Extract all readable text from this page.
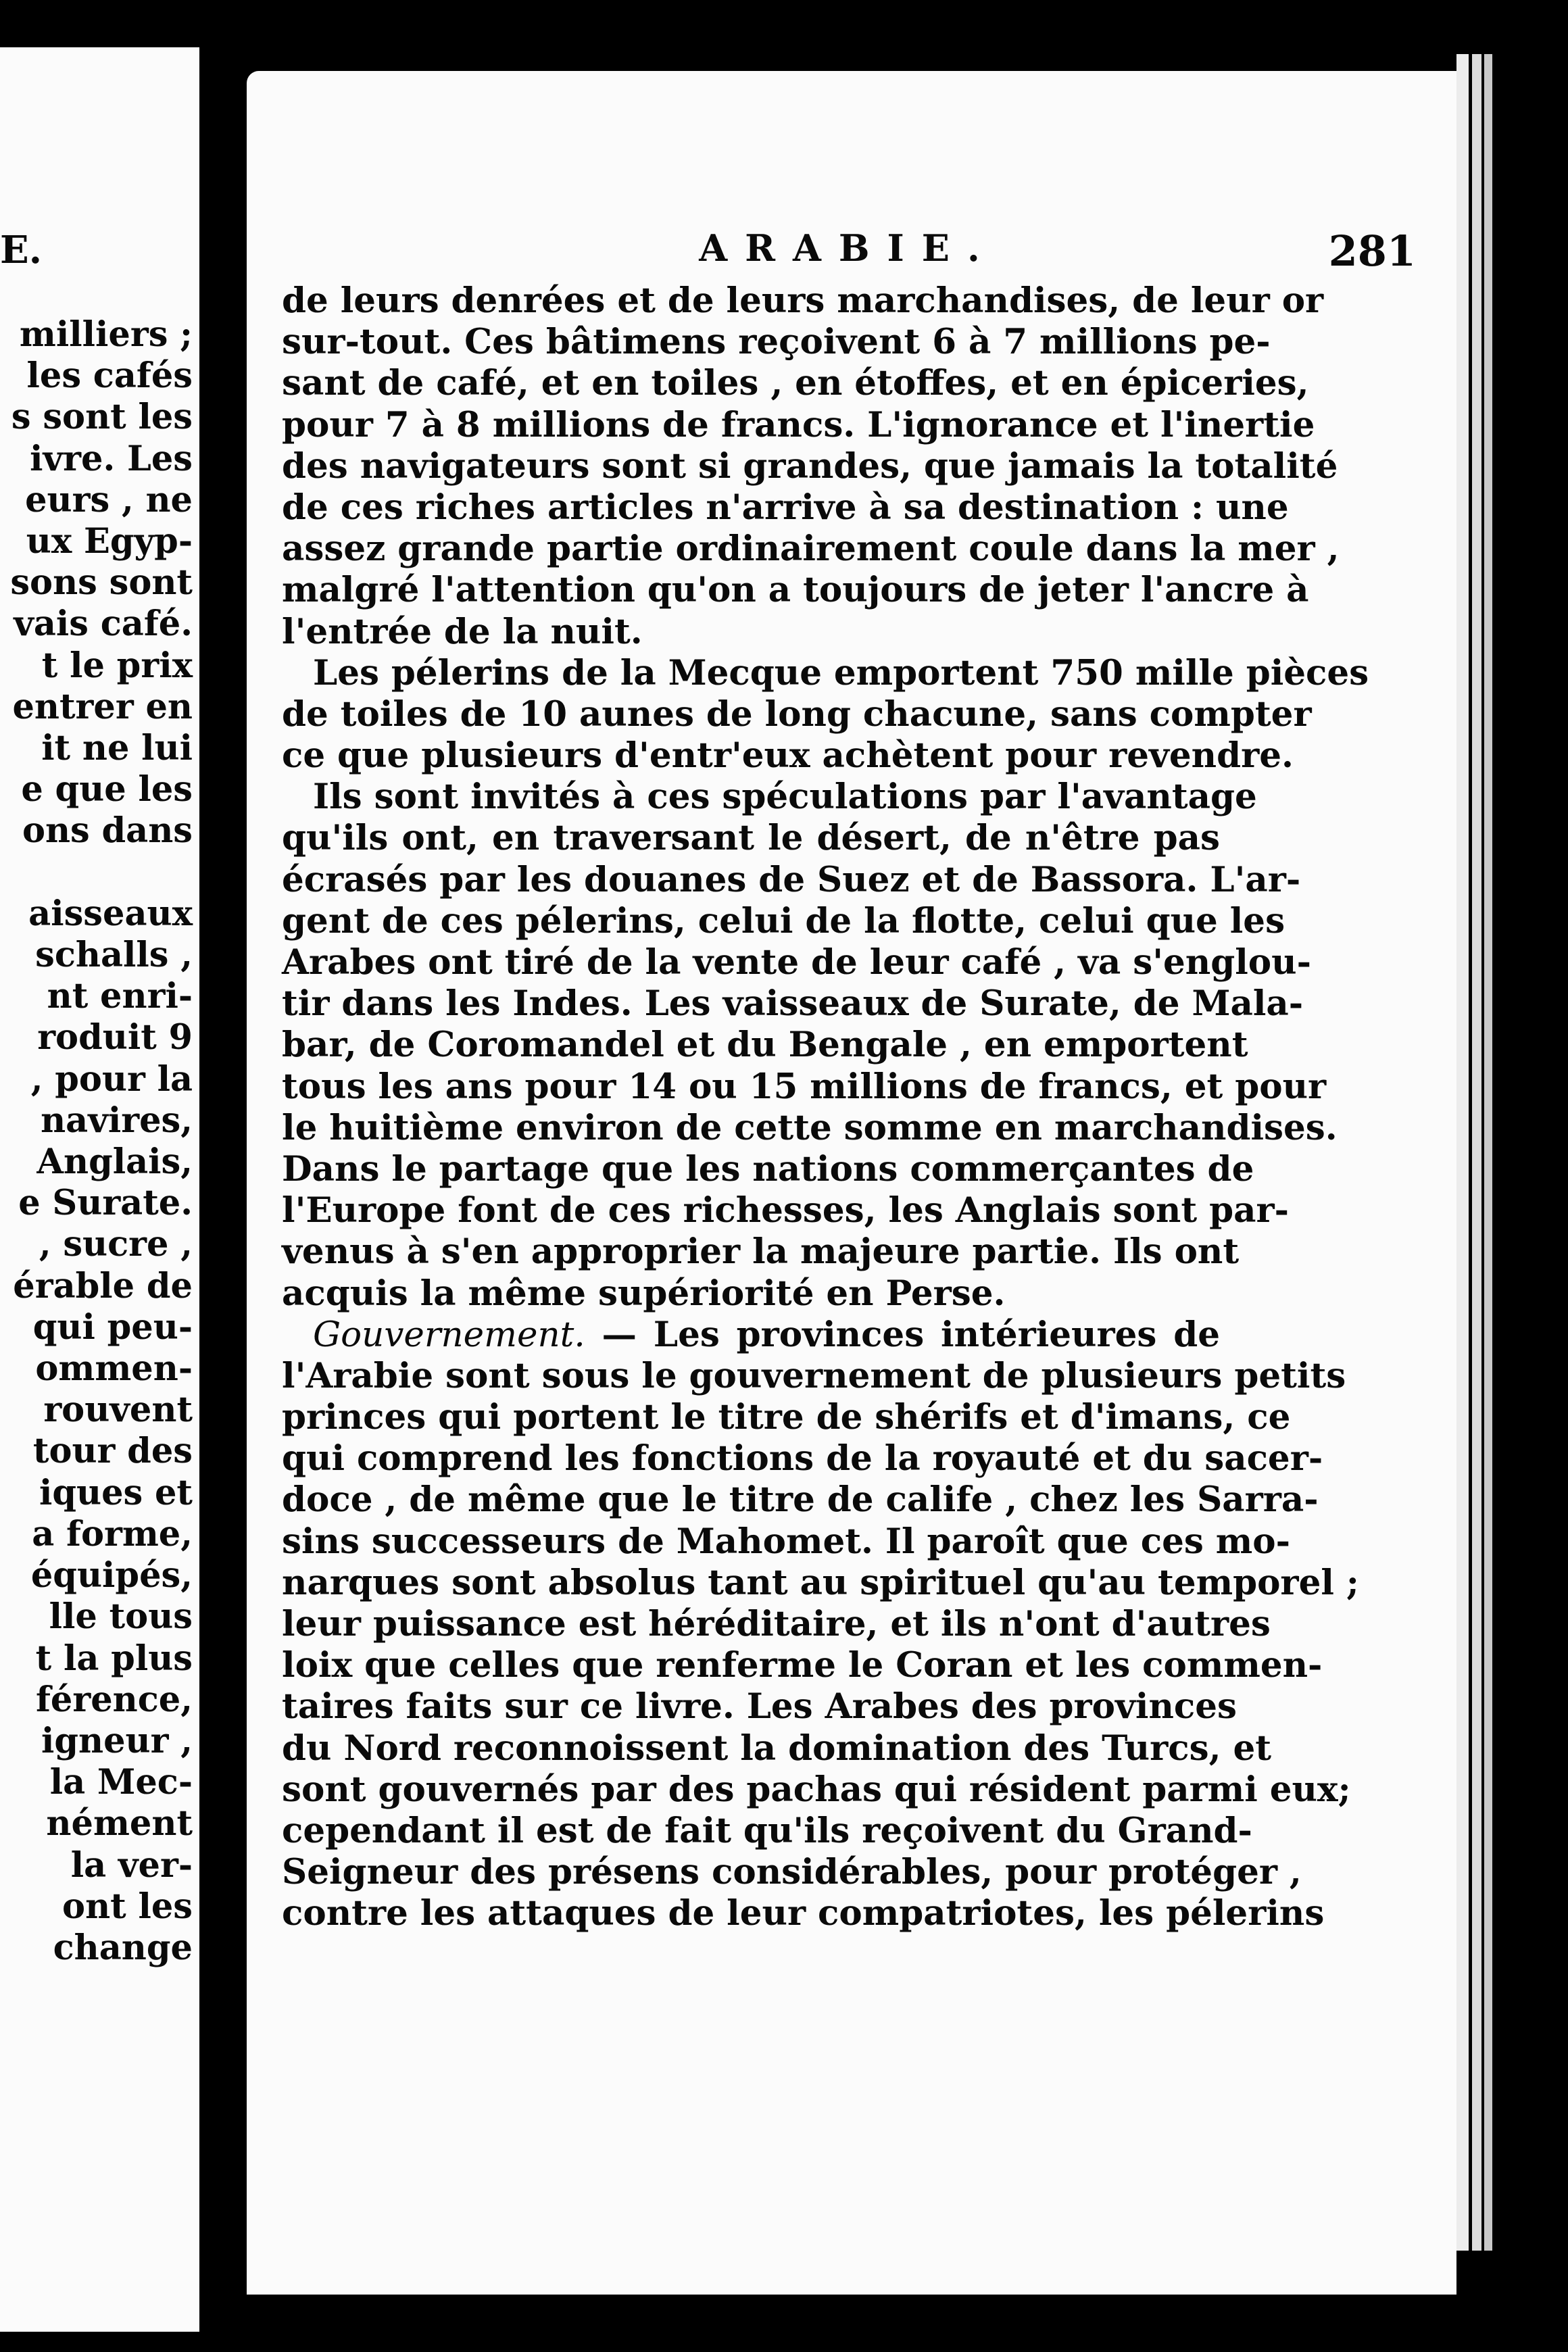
E.
milliers ;
les cafés
s sont les
ivre. Les
eurs , ne
ux Egyp-
sons sont
vais café.
t le prix
entrer en
it ne lui
e que les
ons dans

aisseaux
schalls ,
nt enri-
roduit 9
, pour la
navires,
Anglais,
e Surate.
, sucre ,
érable de
qui peu-
ommen-
rouvent
tour des
iques et
a forme,
équipés,
lle tous
t la plus
férence,
igneur ,
la Mec-
nément
la ver-
ont les
change
ARABIE.	281
de leurs denrées et de leurs marchandises, de leur or
sur-tout. Ces bâtimens reçoivent 6 à 7 millions pe-
sant de café, et en toiles , en étoffes, et en épiceries,
pour 7 à 8 millions de francs. L'ignorance et l'inertie
des navigateurs sont si grandes, que jamais la totalité
de ces riches articles n'arrive à sa destination : une
assez grande partie ordinairement coule dans la mer ,
malgré l'attention qu'on a toujours de jeter l'ancre à
l'entrée de la nuit.
Les pélerins de la Mecque emportent 750 mille pièces
de toiles de 10 aunes de long chacune, sans compter
ce que plusieurs d'entr'eux achètent pour revendre.
Ils sont invités à ces spéculations par l'avantage
qu'ils ont, en traversant le désert, de n'être pas
écrasés par les douanes de Suez et de Bassora. L'ar-
gent de ces pélerins, celui de la flotte, celui que les
Arabes ont tiré de la vente de leur café , va s'englou-
tir dans les Indes. Les vaisseaux de Surate, de Mala-
bar, de Coromandel et du Bengale , en emportent
tous les ans pour 14 ou 15 millions de francs, et pour
le huitième environ de cette somme en marchandises.
Dans le partage que les nations commerçantes de
l'Europe font de ces richesses, les Anglais sont par-
venus à s'en approprier la majeure partie. Ils ont
acquis la même supériorité en Perse.
Gouvernement. — Les provinces intérieures de
l'Arabie sont sous le gouvernement de plusieurs petits
princes qui portent le titre de shérifs et d'imans, ce
qui comprend les fonctions de la royauté et du sacer-
doce , de même que le titre de calife , chez les Sarra-
sins successeurs de Mahomet. Il paroît que ces mo-
narques sont absolus tant au spirituel qu'au temporel ;
leur puissance est héréditaire, et ils n'ont d'autres
loix que celles que renferme le Coran et les commen-
taires faits sur ce livre. Les Arabes des provinces
du Nord reconnoissent la domination des Turcs, et
sont gouvernés par des pachas qui résident parmi eux;
cependant il est de fait qu'ils reçoivent du Grand-
Seigneur des présens considérables, pour protéger ,
contre les attaques de leur compatriotes, les pélerins
